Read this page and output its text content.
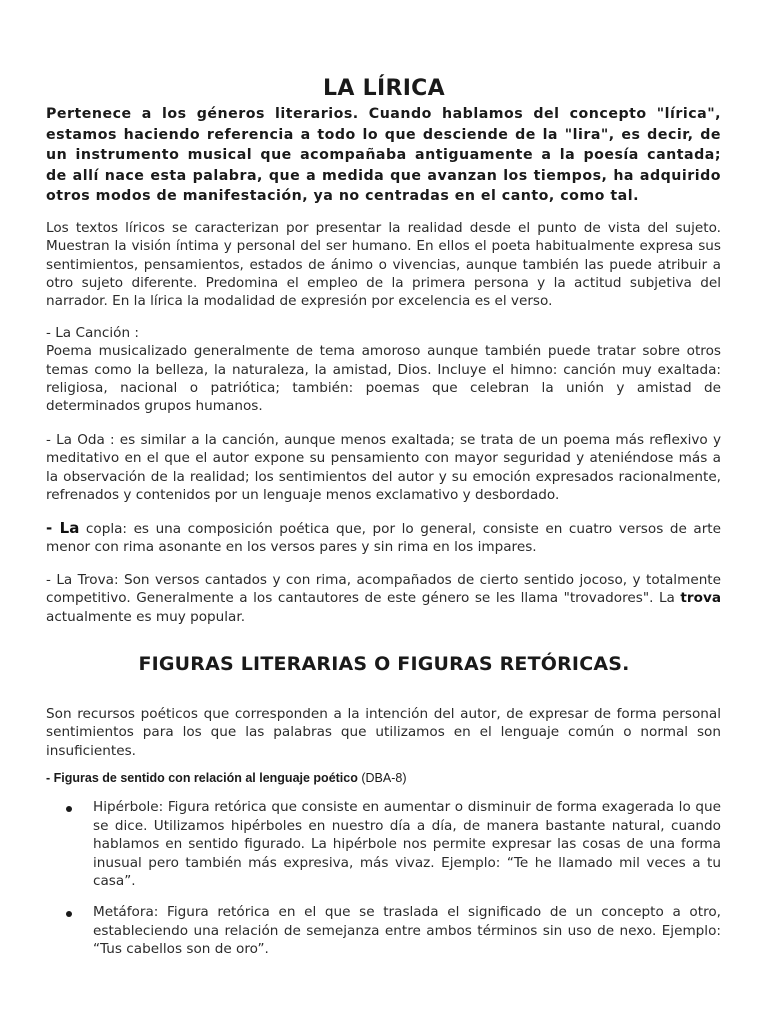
LA LÍRICA

Pertenece a los géneros literarios. Cuando hablamos del concepto "lírica", estamos haciendo referencia a todo lo que desciende de la "lira", es decir, de un instrumento musical que acompañaba antiguamente a la poesía cantada; de allí nace esta palabra, que a medida que avanzan los tiempos, ha adquirido otros modos de manifestación, ya no centradas en el canto, como tal.

Los textos líricos se caracterizan por presentar la realidad desde el punto de vista del sujeto. Muestran la visión íntima y personal del ser humano. En ellos el poeta habitualmente expresa sus sentimientos, pensamientos, estados de ánimo o vivencias, aunque también las puede atribuir a otro sujeto diferente. Predomina el empleo de la primera persona y la actitud subjetiva del narrador. En la lírica la modalidad de expresión por excelencia es el verso.

- La Canción :
Poema musicalizado generalmente de tema amoroso aunque también puede tratar sobre otros temas como la belleza, la naturaleza, la amistad, Dios. Incluye el himno: canción muy exaltada: religiosa, nacional o patriótica; también: poemas que celebran la unión y amistad de determinados grupos humanos.

- La Oda : es similar a la canción, aunque menos exaltada; se trata de un poema más reflexivo y meditativo en el que el autor expone su pensamiento con mayor seguridad y ateniéndose más a la observación de la realidad; los sentimientos del autor y su emoción expresados racionalmente, refrenados y contenidos por un lenguaje menos exclamativo y desbordado.

- La copla: es una composición poética que, por lo general, consiste en cuatro versos de arte menor con rima asonante en los versos pares y sin rima en los impares.

- La Trova: Son versos cantados y con rima, acompañados de cierto sentido jocoso, y totalmente competitivo. Generalmente a los cantautores de este género se les llama "trovadores". La trova actualmente es muy popular.

FIGURAS LITERARIAS O FIGURAS RETÓRICAS.

Son recursos poéticos que corresponden a la intención del autor, de expresar de forma personal sentimientos para los que las palabras que utilizamos en el lenguaje común o normal son insuficientes.

- Figuras de sentido con relación al lenguaje poético (DBA-8)

Hipérbole: Figura retórica que consiste en aumentar o disminuir de forma exagerada lo que se dice. Utilizamos hipérboles en nuestro día a día, de manera bastante natural, cuando hablamos en sentido figurado. La hipérbole nos permite expresar las cosas de una forma inusual pero también más expresiva, más vivaz. Ejemplo: “Te he llamado mil veces a tu casa”.

Metáfora: Figura retórica en el que se traslada el significado de un concepto a otro, estableciendo una relación de semejanza entre ambos términos sin uso de nexo. Ejemplo: “Tus cabellos son de oro”.
